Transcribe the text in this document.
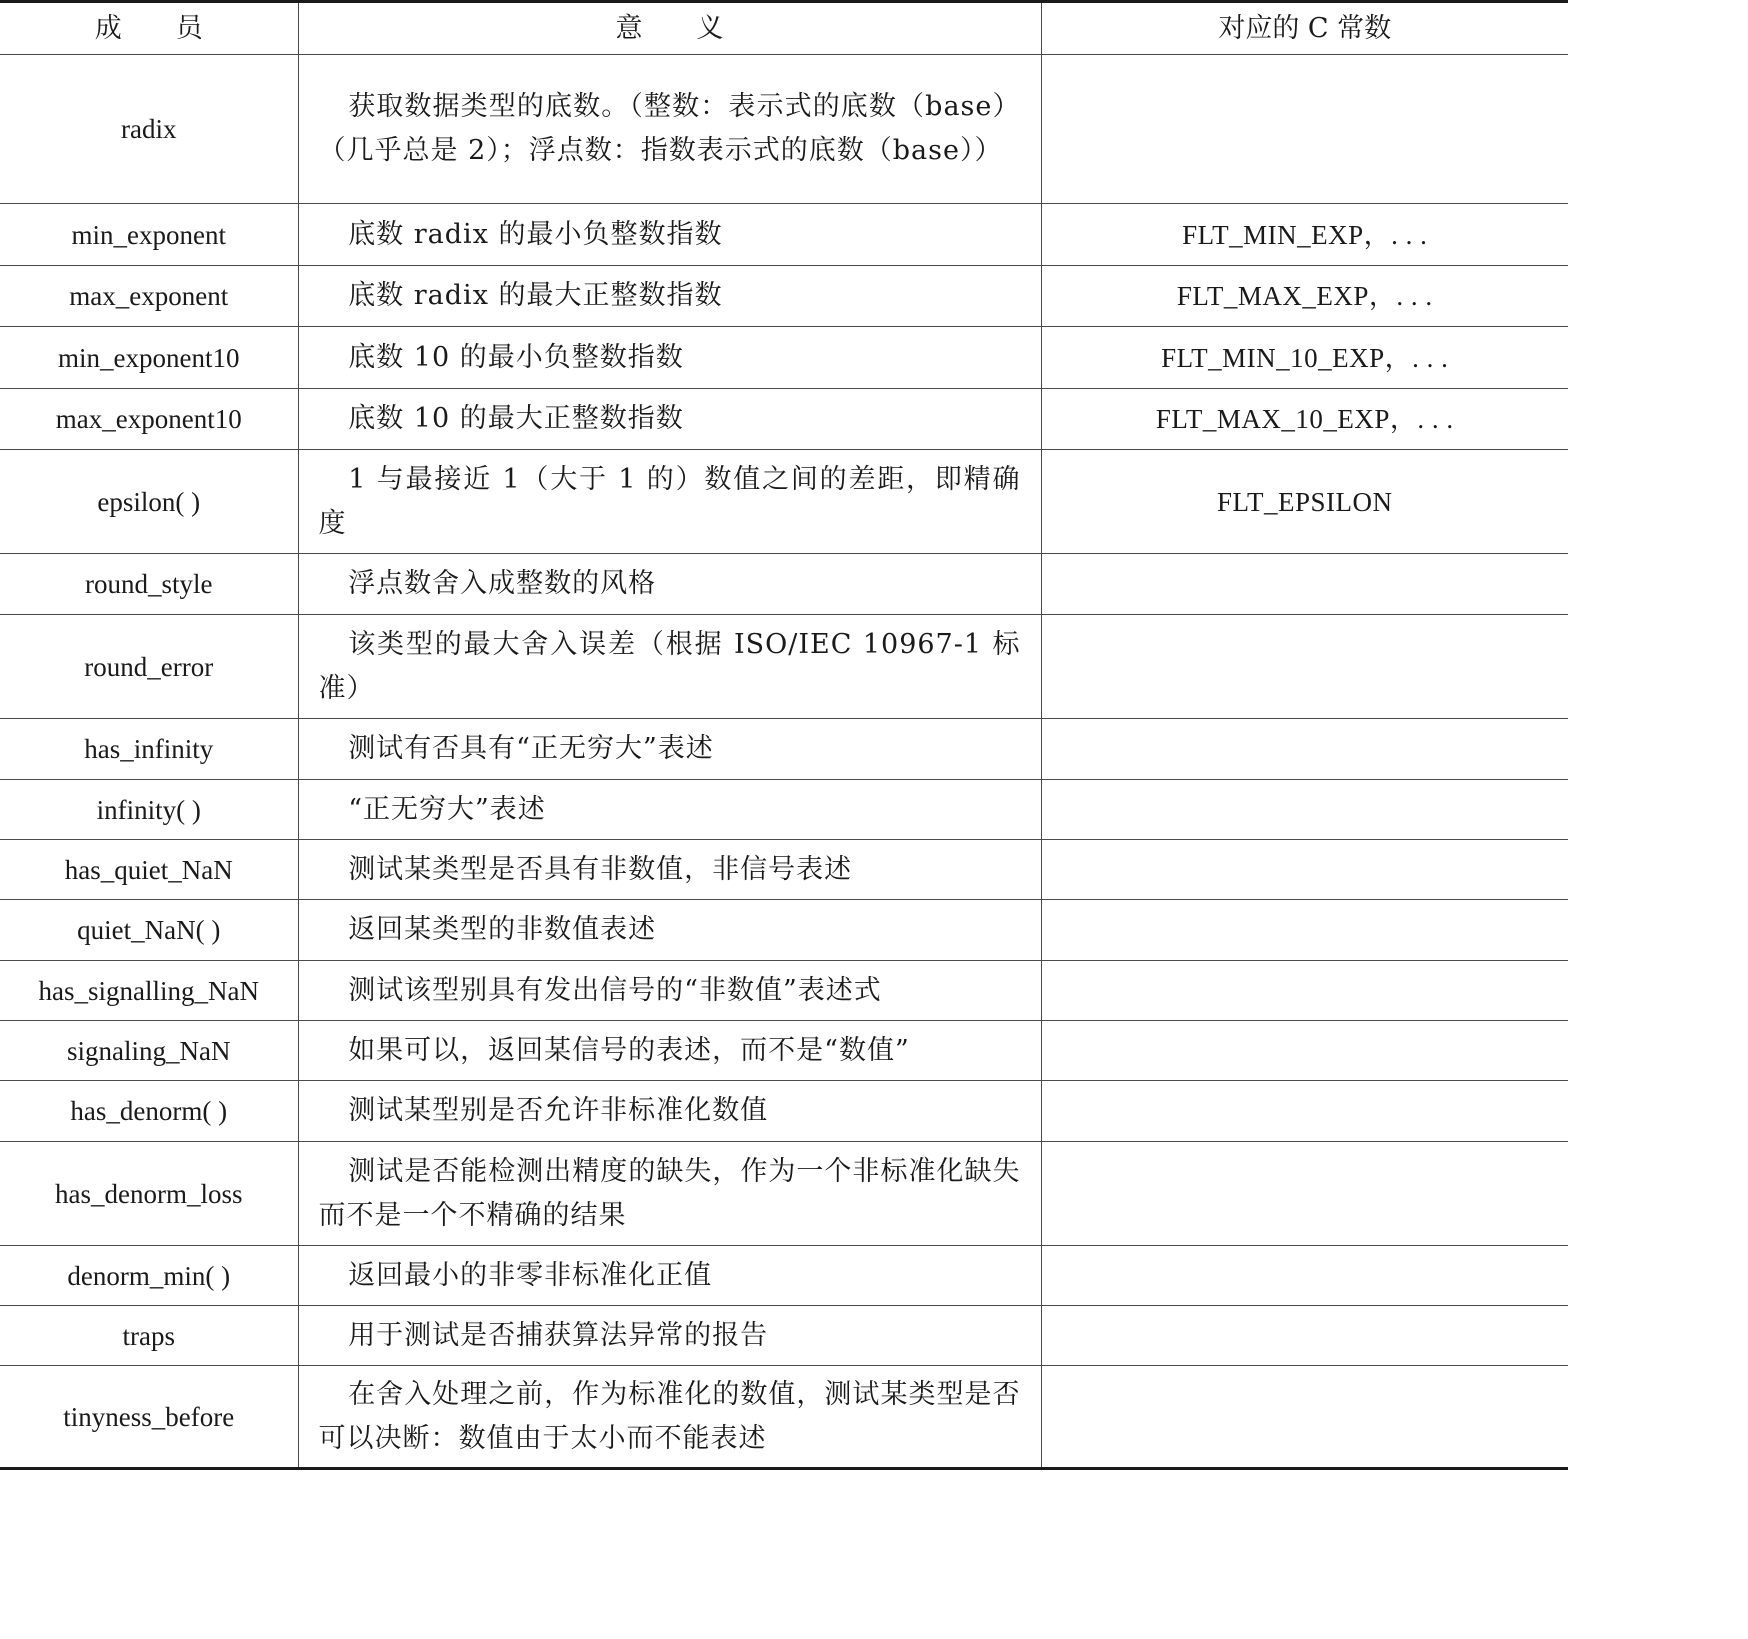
成　　员	意　　义	对应的 C 常数
radix	获取数据类型的底数。（整数：表示式的底数（base）（几乎总是 2）；浮点数：指数表示式的底数（base））	

min_exponent	底数 radix 的最小负整数指数	FLT_MIN_EXP，. . .
max_exponent	底数 radix 的最大正整数指数	FLT_MAX_EXP，. . .
min_exponent10	底数 10 的最小负整数指数	FLT_MIN_10_EXP，. . .
max_exponent10	底数 10 的最大正整数指数	FLT_MAX_10_EXP，. . .
epsilon( )	1 与最接近 1（大于 1 的）数值之间的差距，即精确度	FLT_EPSILON
round_style	浮点数舍入成整数的风格	

round_error	该类型的最大舍入误差（根据 ISO/IEC 10967-1 标准）	

has_infinity	测试有否具有“正无穷大”表述	

infinity( )	“正无穷大”表述	

has_quiet_NaN	测试某类型是否具有非数值，非信号表述	

quiet_NaN( )	返回某类型的非数值表述	

has_signalling_NaN	测试该型别具有发出信号的“非数值”表述式	

signaling_NaN	如果可以，返回某信号的表述，而不是“数值”	

has_denorm( )	测试某型别是否允许非标准化数值	

has_denorm_loss	测试是否能检测出精度的缺失，作为一个非标准化缺失而不是一个不精确的结果	

denorm_min( )	返回最小的非零非标准化正值	

traps	用于测试是否捕获算法异常的报告	

tinyness_before	在舍入处理之前，作为标准化的数值，测试某类型是否可以决断：数值由于太小而不能表述	
